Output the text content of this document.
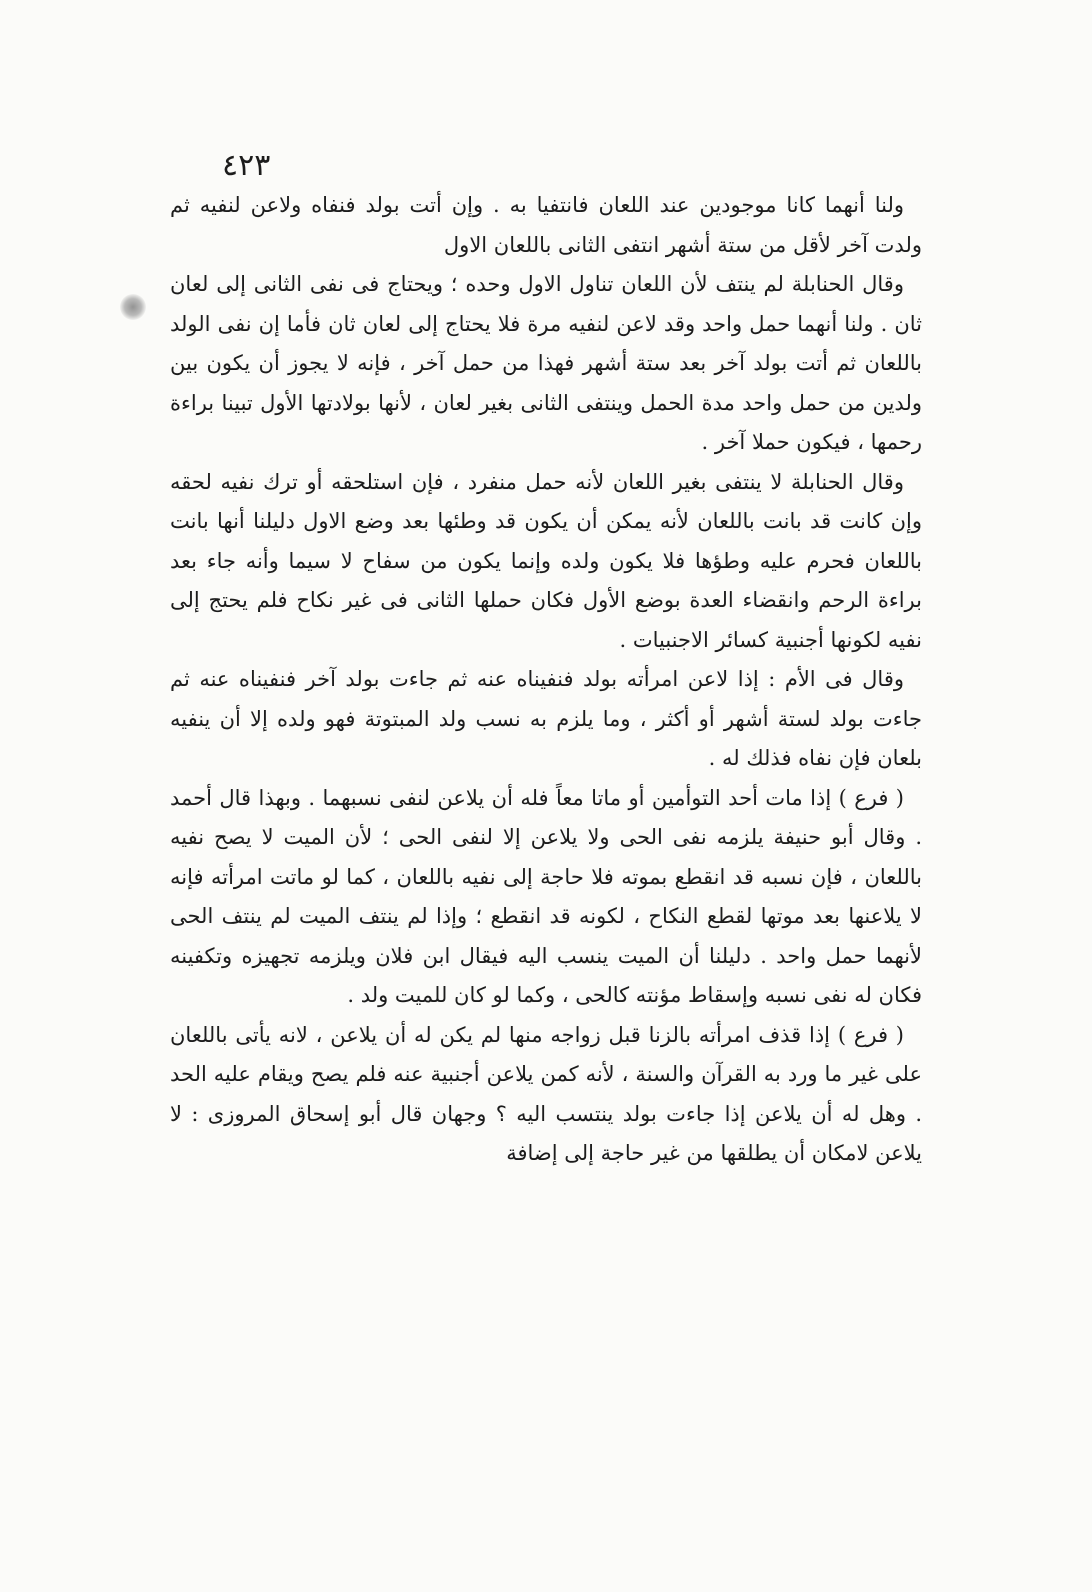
٤٢٣

ولنا أنهما كانا موجودين عند اللعان فانتفيا به . وإن أتت بولد فنفاه ولاعن لنفيه ثم ولدت آخر لأقل من ستة أشهر انتفى الثانى باللعان الاول

وقال الحنابلة لم ينتف لأن اللعان تناول الاول وحده ؛ ويحتاج فى نفى الثانى إلى لعان ثان . ولنا أنهما حمل واحد وقد لاعن لنفيه مرة فلا يحتاج إلى لعان ثان فأما إن نفى الولد باللعان ثم أتت بولد آخر بعد ستة أشهر فهذا من حمل آخر ، فإنه لا يجوز أن يكون بين ولدين من حمل واحد مدة الحمل وينتفى الثانى بغير لعان ، لأنها بولادتها الأول تبينا براءة رحمها ، فيكون حملا آخر .

وقال الحنابلة لا ينتفى بغير اللعان لأنه حمل منفرد ، فإن استلحقه أو ترك نفيه لحقه وإن كانت قد بانت باللعان لأنه يمكن أن يكون قد وطئها بعد وضع الاول دليلنا أنها بانت باللعان فحرم عليه وطؤها فلا يكون ولده وإنما يكون من سفاح لا سيما وأنه جاء بعد براءة الرحم وانقضاء العدة بوضع الأول فكان حملها الثانى فى غير نكاح فلم يحتج إلى نفيه لكونها أجنبية كسائر الاجنبيات .

وقال فى الأم : إذا لاعن امرأته بولد فنفيناه عنه ثم جاءت بولد آخر فنفيناه عنه ثم جاءت بولد لستة أشهر أو أكثر ، وما يلزم به نسب ولد المبتوتة فهو ولده إلا أن ينفيه بلعان فإن نفاه فذلك له .

( فرع ) إذا مات أحد التوأمين أو ماتا معاً فله أن يلاعن لنفى نسبهما . وبهذا قال أحمد . وقال أبو حنيفة يلزمه نفى الحى ولا يلاعن إلا لنفى الحى ؛ لأن الميت لا يصح نفيه باللعان ، فإن نسبه قد انقطع بموته فلا حاجة إلى نفيه باللعان ، كما لو ماتت امرأته فإنه لا يلاعنها بعد موتها لقطع النكاح ، لكونه قد انقطع ؛ وإذا لم ينتف الميت لم ينتف الحى لأنهما حمل واحد . دليلنا أن الميت ينسب اليه فيقال ابن فلان ويلزمه تجهيزه وتكفينه فكان له نفى نسبه وإسقاط مؤنته كالحى ، وكما لو كان للميت ولد .

( فرع ) إذا قذف امرأته بالزنا قبل زواجه منها لم يكن له أن يلاعن ، لانه يأتى باللعان على غير ما ورد به القرآن والسنة ، لأنه كمن يلاعن أجنبية عنه فلم يصح ويقام عليه الحد . وهل له أن يلاعن إذا جاءت بولد ينتسب اليه ؟ وجهان قال أبو إسحاق المروزى : لا يلاعن لامكان أن يطلقها من غير حاجة إلى إضافة
